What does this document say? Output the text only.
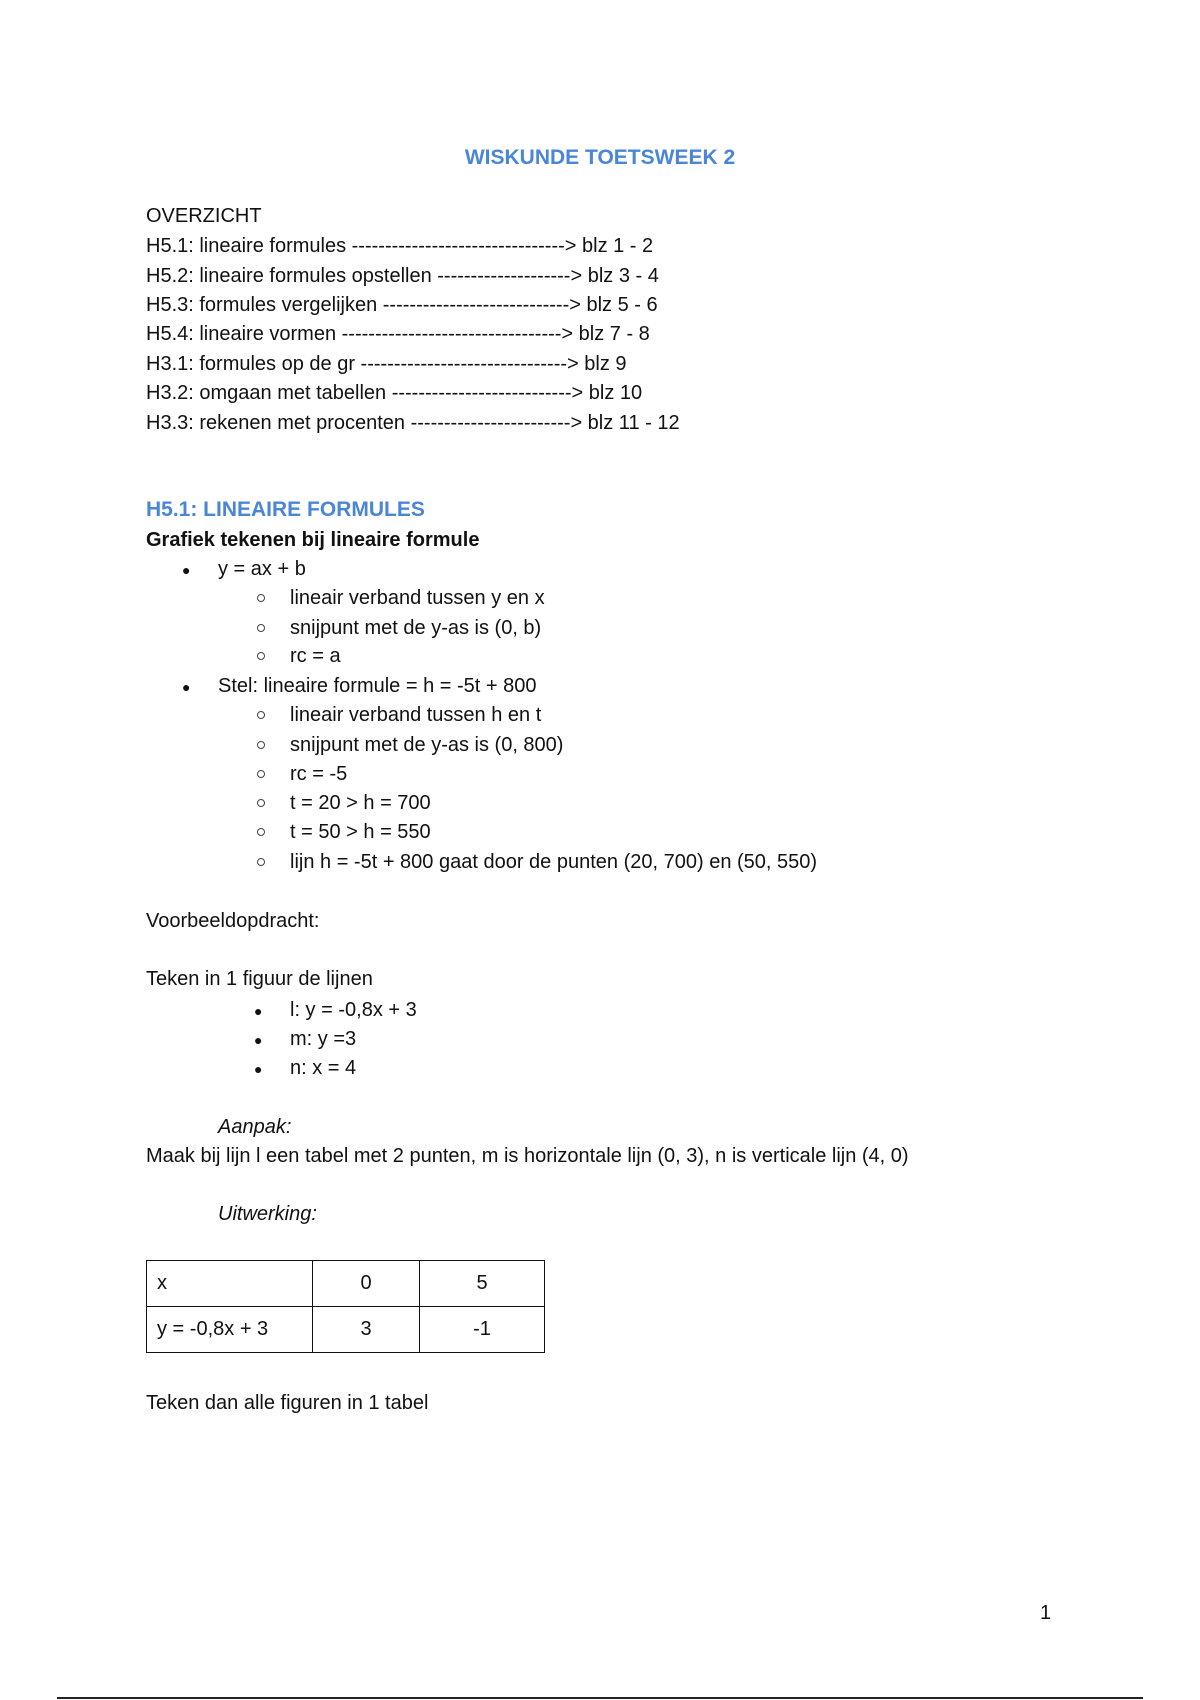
WISKUNDE TOETSWEEK 2
OVERZICHT
H5.1: lineaire formules --------------------------------> blz 1 - 2
H5.2: lineaire formules opstellen --------------------> blz 3 - 4
H5.3: formules vergelijken ----------------------------> blz 5 - 6
H5.4: lineaire vormen ---------------------------------> blz 7 - 8
H3.1: formules op de gr -------------------------------> blz 9
H3.2: omgaan met tabellen ---------------------------> blz 10
H3.3: rekenen met procenten ------------------------> blz 11 - 12
H5.1: LINEAIRE FORMULES
Grafiek tekenen bij lineaire formule
● y = ax + b
lineair verband tussen y en x
snijpunt met de y-as is (0, b)
rc = a
● Stel: lineaire formule = h = -5t + 800
lineair verband tussen h en t
snijpunt met de y-as is (0, 800)
rc = -5
t = 20 > h = 700
t = 50 > h = 550
lijn h = -5t + 800 gaat door de punten (20, 700) en (50, 550)
Voorbeeldopdracht:
Teken in 1 figuur de lijnen
● l: y = -0,8x + 3
● m: y =3
● n: x = 4
Aanpak:
Maak bij lijn l een tabel met 2 punten, m is horizontale lijn (0, 3), n is verticale lijn (4, 0)
Uitwerking:
x	0	5
y = -0,8x + 3	3	-1
Teken dan alle figuren in 1 tabel
1
